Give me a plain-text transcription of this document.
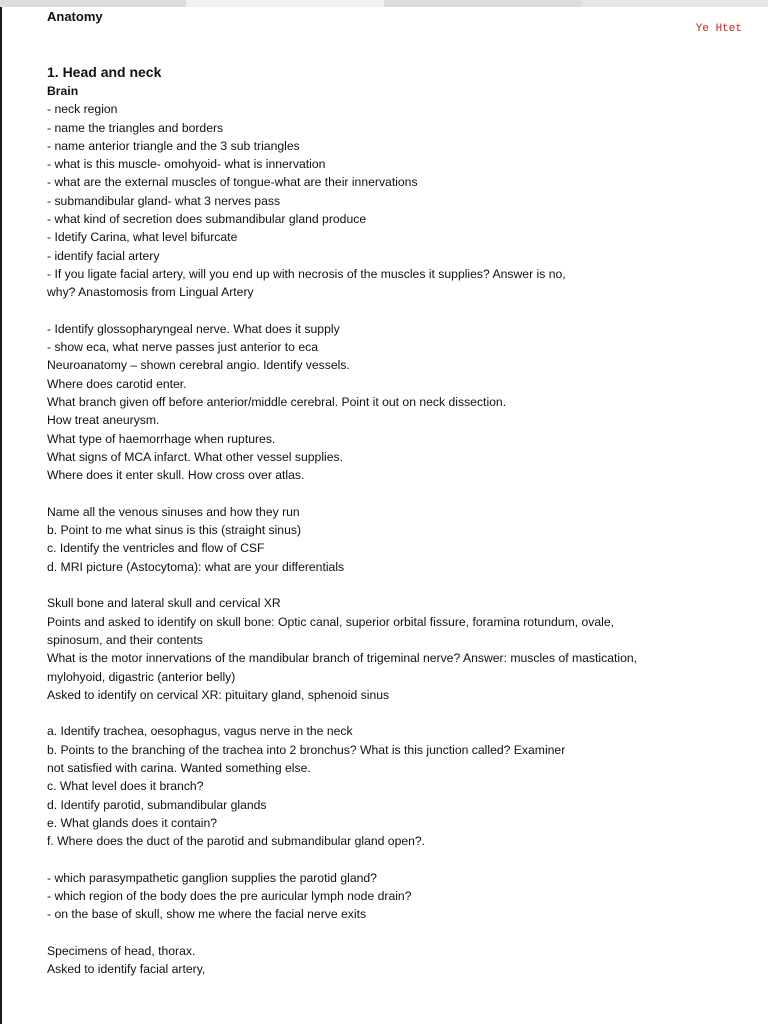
Anatomy
Ye Htet
1. Head and neck

Brain

- neck region

- name the triangles and borders

- name anterior triangle and the 3 sub triangles

- what is this muscle- omohyoid- what is innervation

- what are the external muscles of tongue-what are their innervations

- submandibular gland- what 3 nerves pass

- what kind of secretion does submandibular gland produce

- Idetify Carina, what level bifurcate

- identify facial artery

- If you ligate facial artery, will you end up with necrosis of the muscles it supplies? Answer is no,

why? Anastomosis from Lingual Artery

- Identify glossopharyngeal nerve. What does it supply

- show eca, what nerve passes just anterior to eca

Neuroanatomy – shown cerebral angio. Identify vessels.

Where does carotid enter.

What branch given off before anterior/middle cerebral. Point it out on neck dissection.

How treat aneurysm.

What type of haemorrhage when ruptures.

What signs of MCA infarct. What other vessel supplies.

Where does it enter skull. How cross over atlas.

Name all the venous sinuses and how they run

b. Point to me what sinus is this (straight sinus)

c. Identify the ventricles and flow of CSF

d. MRI picture (Astocytoma): what are your differentials

Skull bone and lateral skull and cervical XR

Points and asked to identify on skull bone: Optic canal, superior orbital fissure, foramina rotundum, ovale,

spinosum, and their contents

What is the motor innervations of the mandibular branch of trigeminal nerve? Answer: muscles of mastication,

mylohyoid, digastric (anterior belly)

Asked to identify on cervical XR: pituitary gland, sphenoid sinus

a. Identify trachea, oesophagus, vagus nerve in the neck

b. Points to the branching of the trachea into 2 bronchus? What is this junction called? Examiner

not satisfied with carina. Wanted something else.

c. What level does it branch?

d. Identify parotid, submandibular glands

e. What glands does it contain?

f. Where does the duct of the parotid and submandibular gland open?.

- which parasympathetic ganglion supplies the parotid gland?

- which region of the body does the pre auricular lymph node drain?

- on the base of skull, show me where the facial nerve exits

Specimens of head, thorax.

Asked to identify facial artery,
